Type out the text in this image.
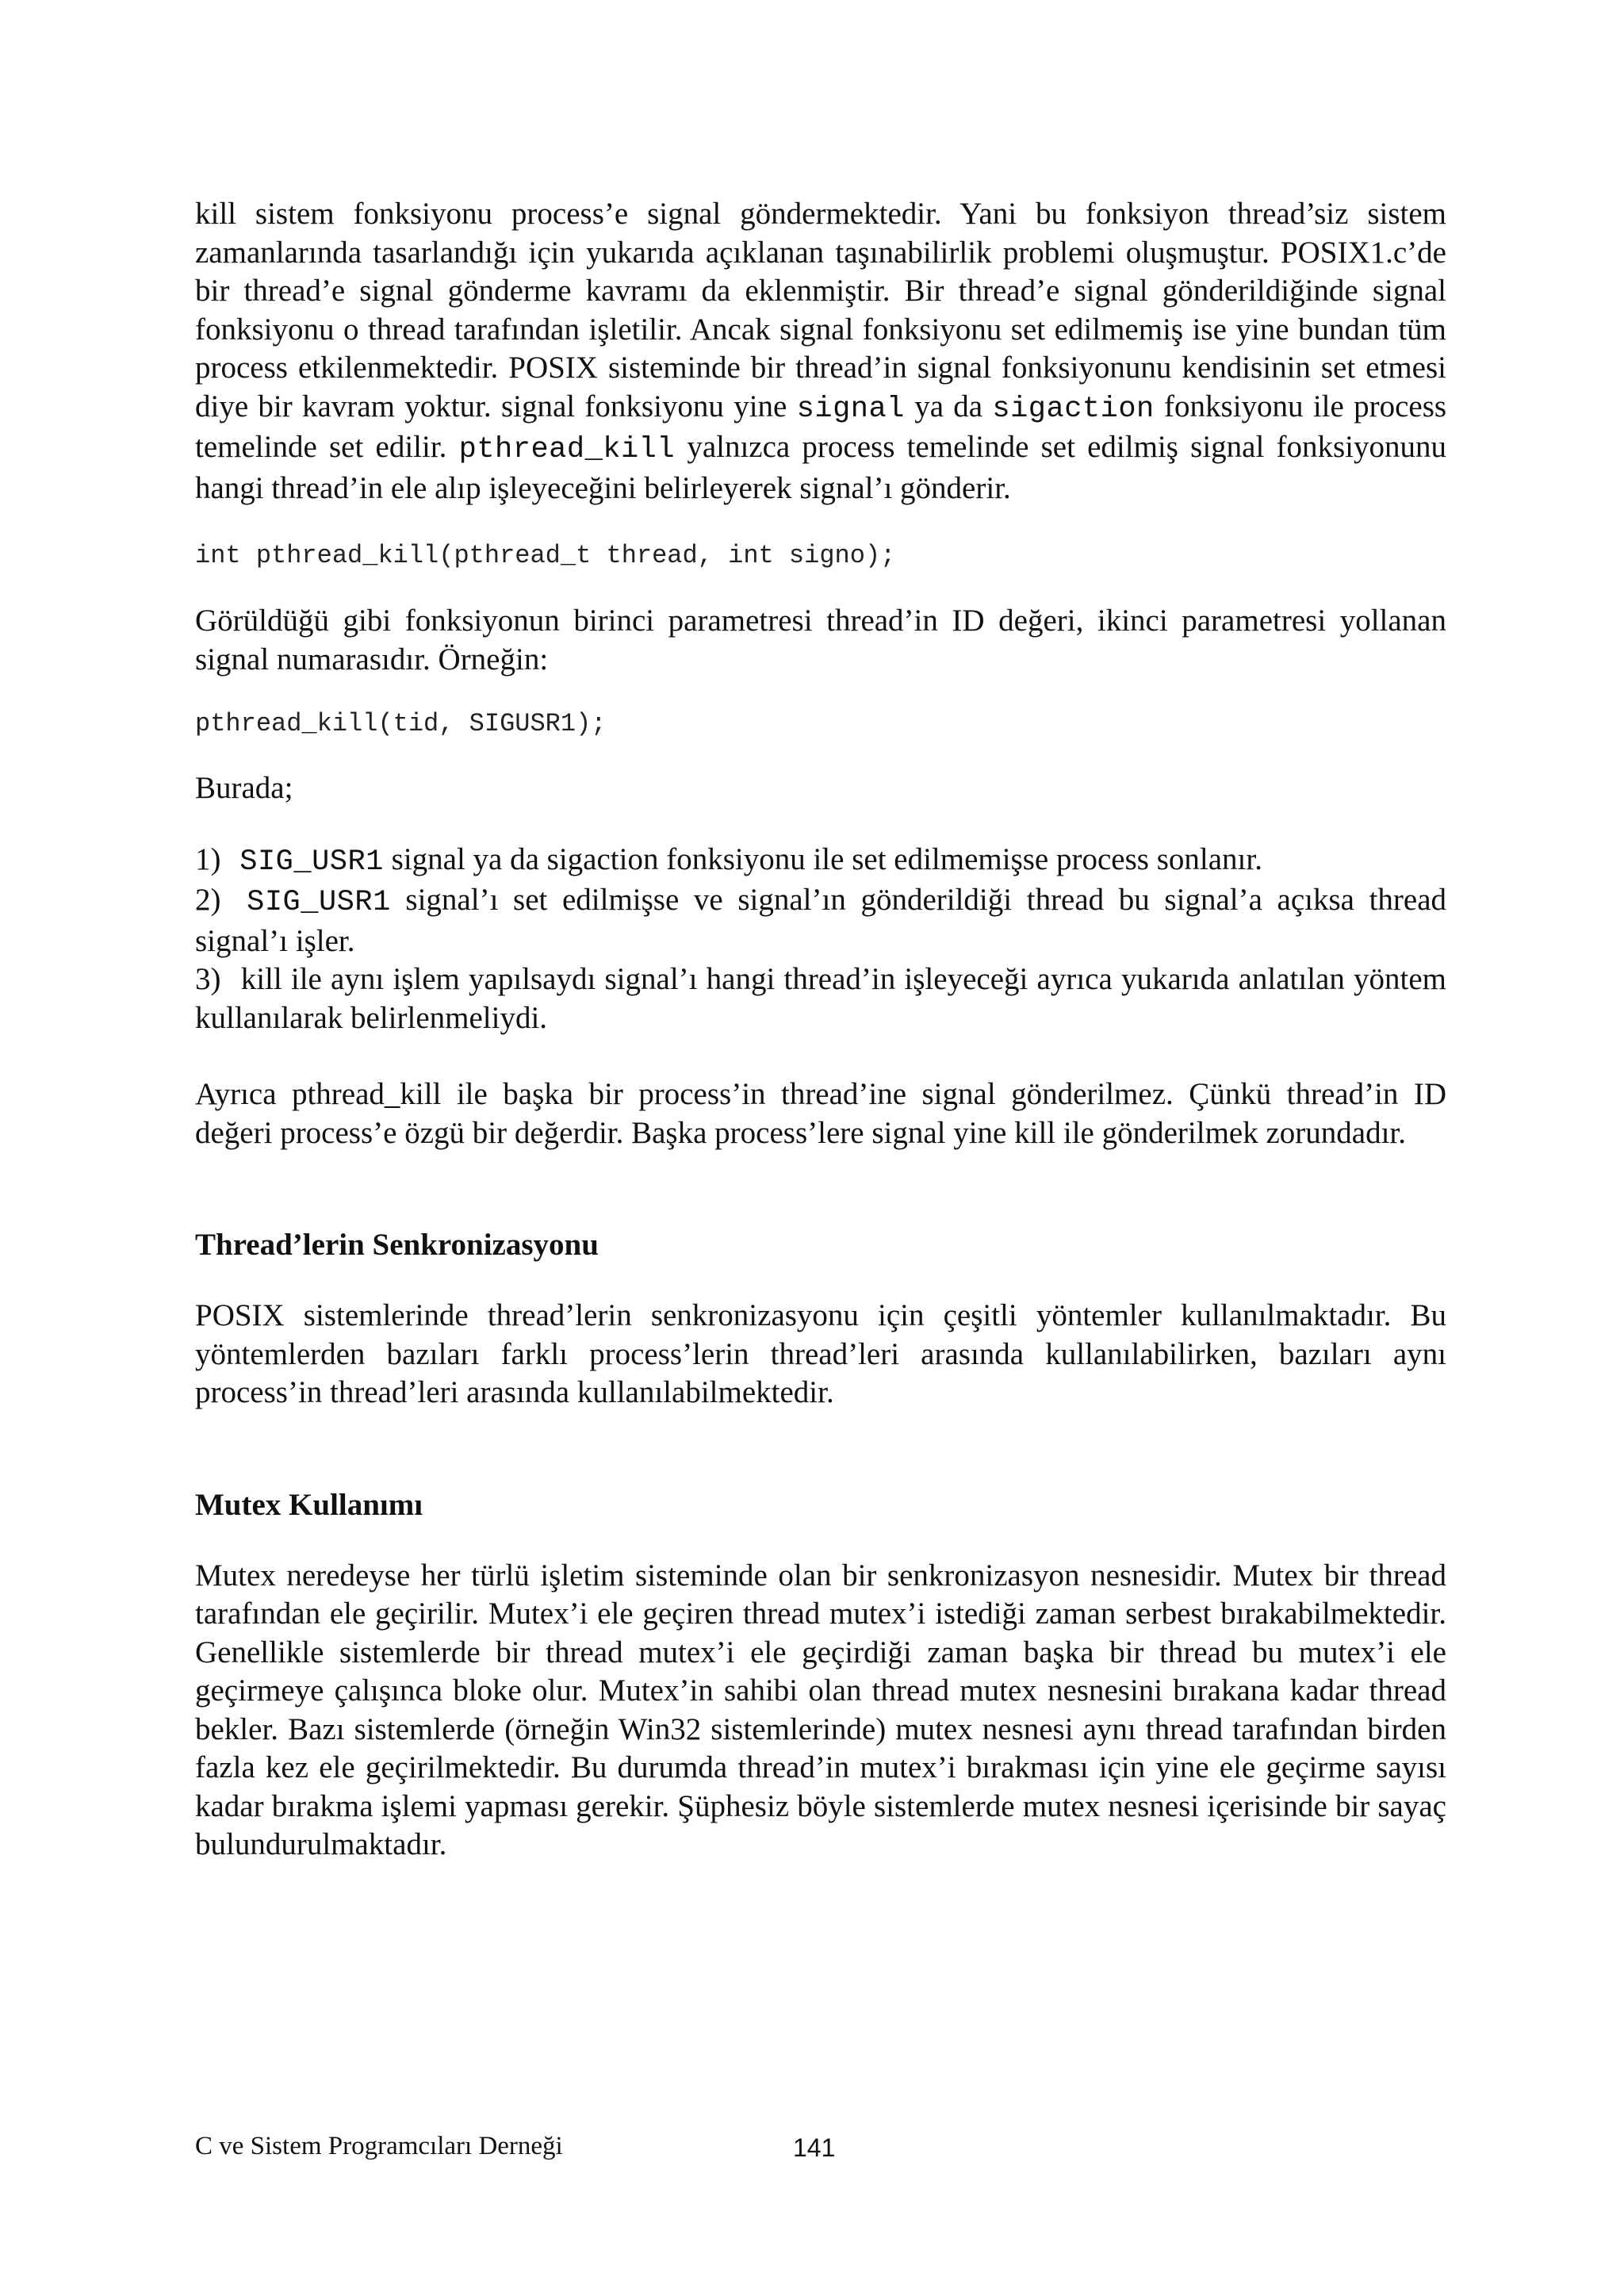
kill sistem fonksiyonu process’e signal göndermektedir. Yani bu fonksiyon thread’siz sistem zamanlarında tasarlandığı için yukarıda açıklanan taşınabilirlik problemi oluşmuştur. POSIX1.c’de bir thread’e signal gönderme kavramı da eklenmiştir. Bir thread’e signal gönderildiğinde signal fonksiyonu o thread tarafından işletilir. Ancak signal fonksiyonu set edilmemiş ise yine bundan tüm process etkilenmektedir. POSIX sisteminde bir thread’in signal fonksiyonunu kendisinin set etmesi diye bir kavram yoktur. signal fonksiyonu yine signal ya da sigaction fonksiyonu ile process temelinde set edilir. pthread_kill yalnızca process temelinde set edilmiş signal fonksiyonunu hangi thread’in ele alıp işleyeceğini belirleyerek signal’ı gönderir.

int pthread_kill(pthread_t thread, int signo);

Görüldüğü gibi fonksiyonun birinci parametresi thread’in ID değeri, ikinci parametresi yollanan signal numarasıdır. Örneğin:

pthread_kill(tid, SIGUSR1);

Burada;

1) SIG_USR1 signal ya da sigaction fonksiyonu ile set edilmemişse process sonlanır.

2) SIG_USR1 signal’ı set edilmişse ve signal’ın gönderildiği thread bu signal’a açıksa thread signal’ı işler.

3) kill ile aynı işlem yapılsaydı signal’ı hangi thread’in işleyeceği ayrıca yukarıda anlatılan yöntem kullanılarak belirlenmeliydi.

Ayrıca pthread_kill ile başka bir process’in thread’ine signal gönderilmez. Çünkü thread’in ID değeri process’e özgü bir değerdir. Başka process’lere signal yine kill ile gönderilmek zorundadır.

Thread’lerin Senkronizasyonu

POSIX sistemlerinde thread’lerin senkronizasyonu için çeşitli yöntemler kullanılmaktadır. Bu yöntemlerden bazıları farklı process’lerin thread’leri arasında kullanılabilirken, bazıları aynı process’in thread’leri arasında kullanılabilmektedir.

Mutex Kullanımı

Mutex neredeyse her türlü işletim sisteminde olan bir senkronizasyon nesnesidir. Mutex bir thread tarafından ele geçirilir. Mutex’i ele geçiren thread mutex’i istediği zaman serbest bırakabilmektedir. Genellikle sistemlerde bir thread mutex’i ele geçirdiği zaman başka bir thread bu mutex’i ele geçirmeye çalışınca bloke olur. Mutex’in sahibi olan thread mutex nesnesini bırakana kadar thread bekler. Bazı sistemlerde (örneğin Win32 sistemlerinde) mutex nesnesi aynı thread tarafından birden fazla kez ele geçirilmektedir. Bu durumda thread’in mutex’i bırakması için yine ele geçirme sayısı kadar bırakma işlemi yapması gerekir. Şüphesiz böyle sistemlerde mutex nesnesi içerisinde bir sayaç bulundurulmaktadır.

C ve Sistem Programcıları Derneği	141
